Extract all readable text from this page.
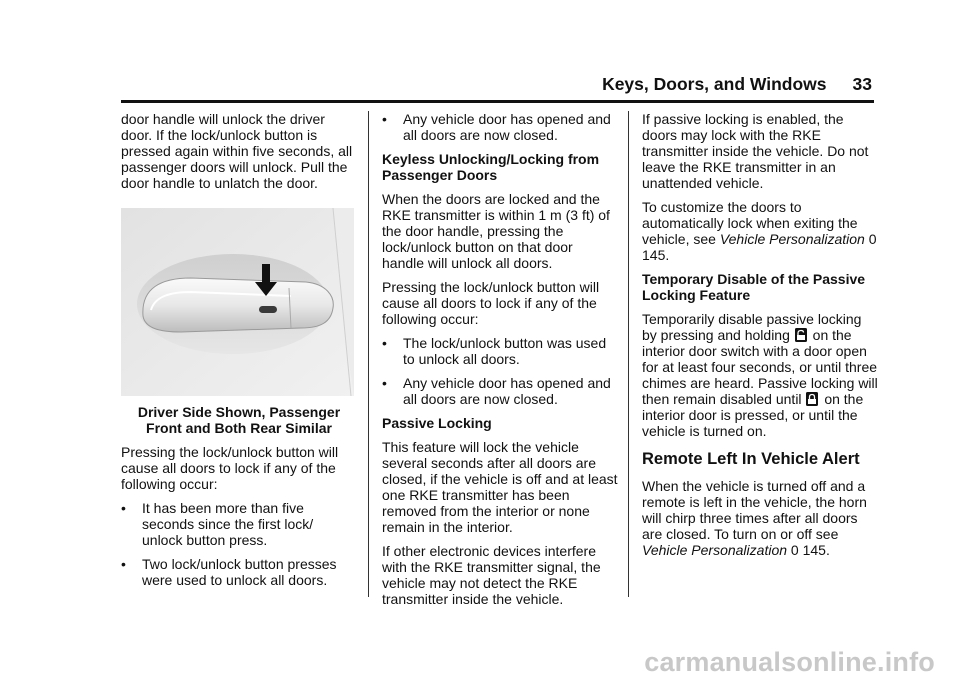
Keys, Doors, and Windows 33

door handle will unlock the driver door. If the lock/unlock button is pressed again within five seconds, all passenger doors will unlock. Pull the door handle to unlatch the door.

Driver Side Shown, Passenger Front and Both Rear Similar

Pressing the lock/unlock button will cause all doors to lock if any of the following occur:

•	It has been more than five seconds since the first lock/ unlock button press.
•	Two lock/unlock button presses were used to unlock all doors.
•	Any vehicle door has opened and all doors are now closed.
Keyless Unlocking/Locking from Passenger Doors

When the doors are locked and the RKE transmitter is within 1 m (3 ft) of the door handle, pressing the lock/unlock button on that door handle will unlock all doors.

Pressing the lock/unlock button will cause all doors to lock if any of the following occur:

•	The lock/unlock button was used to unlock all doors.
•	Any vehicle door has opened and all doors are now closed.
Passive Locking

This feature will lock the vehicle several seconds after all doors are closed, if the vehicle is off and at least one RKE transmitter has been removed from the interior or none remain in the interior.

If other electronic devices interfere with the RKE transmitter signal, the vehicle may not detect the RKE transmitter inside the vehicle.

If passive locking is enabled, the doors may lock with the RKE transmitter inside the vehicle. Do not leave the RKE transmitter in an unattended vehicle.

To customize the doors to automatically lock when exiting the vehicle, see Vehicle Personalization 0 145.

Temporary Disable of the Passive Locking Feature

Temporarily disable passive locking by pressing and holding on the interior door switch with a door open for at least four seconds, or until three chimes are heard. Passive locking will then remain disabled until on the interior door is pressed, or until the vehicle is turned on.

Remote Left In Vehicle Alert

When the vehicle is turned off and a remote is left in the vehicle, the horn will chirp three times after all doors are closed. To turn on or off see Vehicle Personalization 0 145.

carmanualsonline.info
